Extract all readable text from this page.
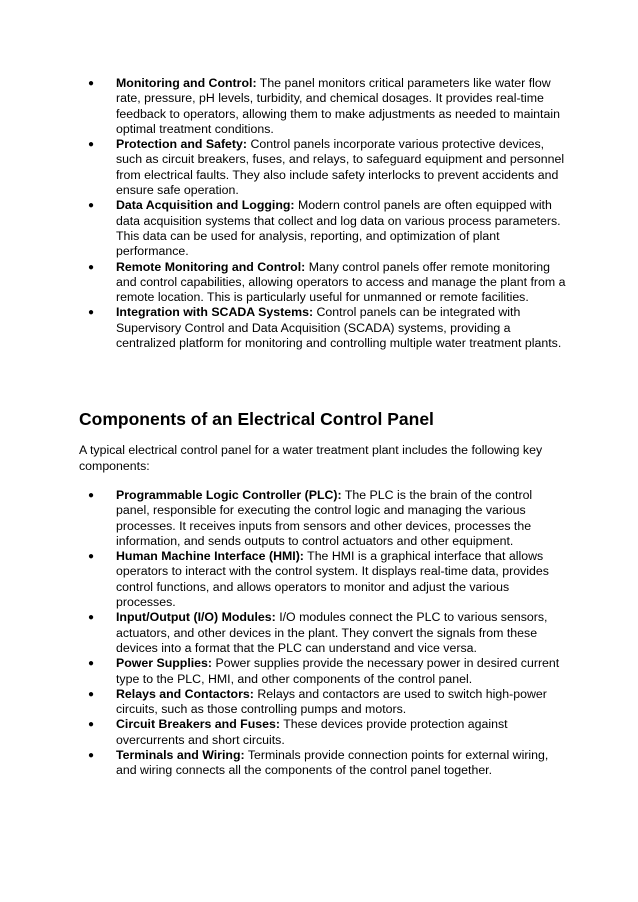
● Monitoring and Control: The panel monitors critical parameters like water flow rate, pressure, pH levels, turbidity, and chemical dosages. It provides real-time feedback to operators, allowing them to make adjustments as needed to maintain optimal treatment conditions.
● Protection and Safety: Control panels incorporate various protective devices, such as circuit breakers, fuses, and relays, to safeguard equipment and personnel from electrical faults. They also include safety interlocks to prevent accidents and ensure safe operation.
● Data Acquisition and Logging: Modern control panels are often equipped with data acquisition systems that collect and log data on various process parameters. This data can be used for analysis, reporting, and optimization of plant performance.
● Remote Monitoring and Control: Many control panels offer remote monitoring and control capabilities, allowing operators to access and manage the plant from a remote location. This is particularly useful for unmanned or remote facilities.
● Integration with SCADA Systems: Control panels can be integrated with Supervisory Control and Data Acquisition (SCADA) systems, providing a centralized platform for monitoring and controlling multiple water treatment plants.
Components of an Electrical Control Panel

A typical electrical control panel for a water treatment plant includes the following key components:

● Programmable Logic Controller (PLC): The PLC is the brain of the control panel, responsible for executing the control logic and managing the various processes. It receives inputs from sensors and other devices, processes the information, and sends outputs to control actuators and other equipment.
● Human Machine Interface (HMI): The HMI is a graphical interface that allows operators to interact with the control system. It displays real-time data, provides control functions, and allows operators to monitor and adjust the various processes.
● Input/Output (I/O) Modules: I/O modules connect the PLC to various sensors, actuators, and other devices in the plant. They convert the signals from these devices into a format that the PLC can understand and vice versa.
● Power Supplies: Power supplies provide the necessary power in desired current type to the PLC, HMI, and other components of the control panel.
● Relays and Contactors: Relays and contactors are used to switch high-power circuits, such as those controlling pumps and motors.
● Circuit Breakers and Fuses: These devices provide protection against overcurrents and short circuits.
● Terminals and Wiring: Terminals provide connection points for external wiring, and wiring connects all the components of the control panel together.
